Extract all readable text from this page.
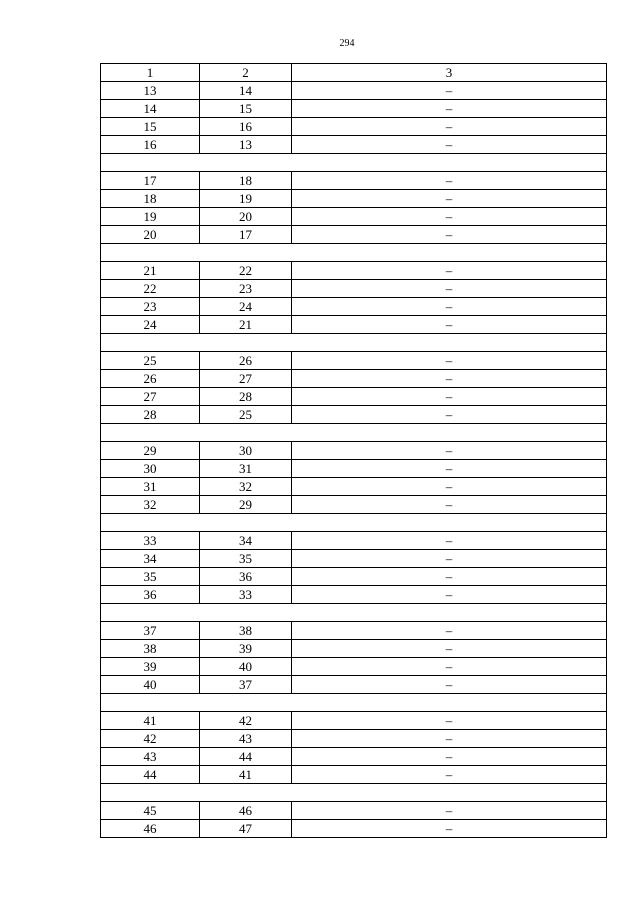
294
1	2	3
13	14	–
14	15	–
15	16	–
16	13	–

17	18	–
18	19	–
19	20	–
20	17	–

21	22	–
22	23	–
23	24	–
24	21	–

25	26	–
26	27	–
27	28	–
28	25	–

29	30	–
30	31	–
31	32	–
32	29	–

33	34	–
34	35	–
35	36	–
36	33	–

37	38	–
38	39	–
39	40	–
40	37	–

41	42	–
42	43	–
43	44	–
44	41	–

45	46	–
46	47	–
